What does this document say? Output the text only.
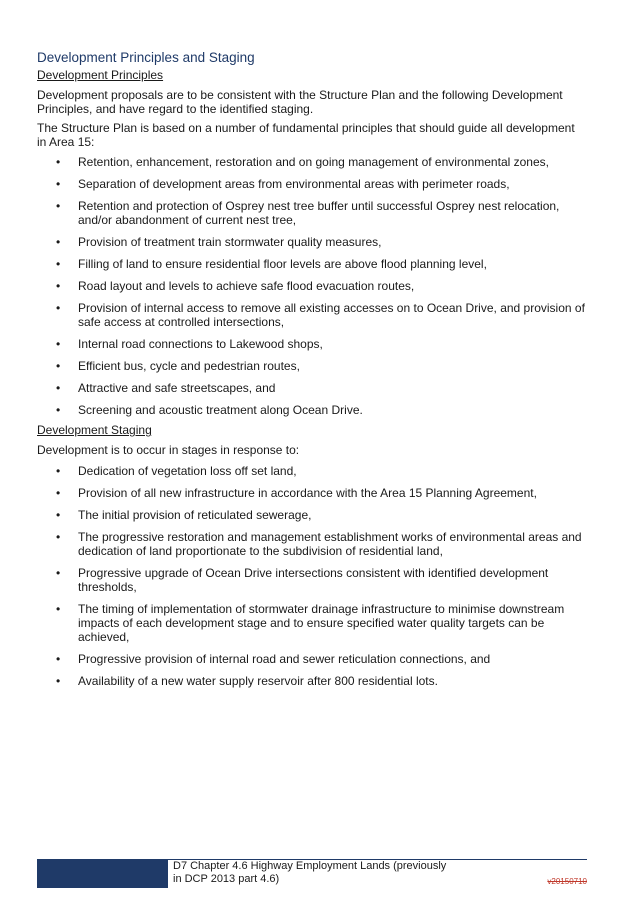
Development Principles and Staging
Development Principles

Development proposals are to be consistent with the Structure Plan and the following Development Principles, and have regard to the identified staging.

The Structure Plan is based on a number of fundamental principles that should guide all development in Area 15:

• Retention, enhancement, restoration and on going management of environmental zones,
• Separation of development areas from environmental areas with perimeter roads,
• Retention and protection of Osprey nest tree buffer until successful Osprey nest relocation, and/or abandonment of current nest tree,
• Provision of treatment train stormwater quality measures,
• Filling of land to ensure residential floor levels are above flood planning level,
• Road layout and levels to achieve safe flood evacuation routes,
• Provision of internal access to remove all existing accesses on to Ocean Drive, and provision of safe access at controlled intersections,
• Internal road connections to Lakewood shops,
• Efficient bus, cycle and pedestrian routes,
• Attractive and safe streetscapes, and
• Screening and acoustic treatment along Ocean Drive.
Development Staging

Development is to occur in stages in response to:

• Dedication of vegetation loss off set land,
• Provision of all new infrastructure in accordance with the Area 15 Planning Agreement,
• The initial provision of reticulated sewerage,
• The progressive restoration and management establishment works of environmental areas and dedication of land proportionate to the subdivision of residential land,
• Progressive upgrade of Ocean Drive intersections consistent with identified development thresholds,
• The timing of implementation of stormwater drainage infrastructure to minimise downstream impacts of each development stage and to ensure specified water quality targets can be achieved,
• Progressive provision of internal road and sewer reticulation connections, and
• Availability of a new water supply reservoir after 800 residential lots.
D7 Chapter 4.6 Highway Employment Lands (previously
in DCP 2013 part 4.6)	v20150710
